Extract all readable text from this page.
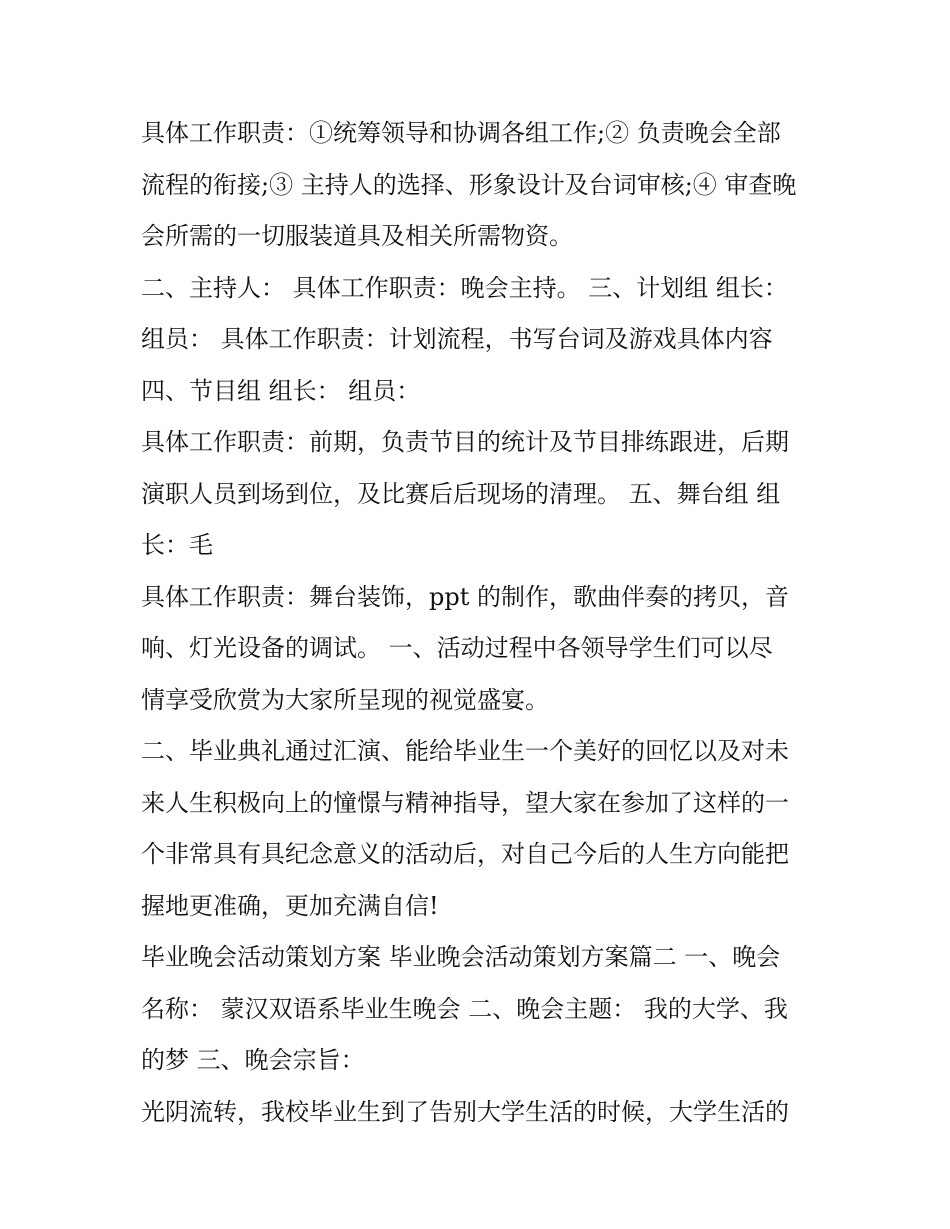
具体工作职责：①统筹领导和协调各组工作;② 负责晚会全部
流程的衔接;③ 主持人的选择、形象设计及台词审核;④ 审查晚
会所需的一切服装道具及相关所需物资。
二、主持人： 具体工作职责：晚会主持。 三、计划组 组长：
组员： 具体工作职责：计划流程，书写台词及游戏具体内容
四、节目组 组长： 组员：
具体工作职责：前期，负责节目的统计及节目排练跟进，后期
演职人员到场到位，及比赛后后现场的清理。 五、舞台组 组
长：毛
具体工作职责：舞台装饰，ppt 的制作，歌曲伴奏的拷贝，音
响、灯光设备的调试。 一、活动过程中各领导学生们可以尽
情享受欣赏为大家所呈现的视觉盛宴。
二、毕业典礼通过汇演、能给毕业生一个美好的回忆以及对未
来人生积极向上的憧憬与精神指导，望大家在参加了这样的一
个非常具有具纪念意义的活动后，对自己今后的人生方向能把
握地更准确，更加充满自信!
毕业晚会活动策划方案 毕业晚会活动策划方案篇二 一、晚会
名称： 蒙汉双语系毕业生晚会 二、晚会主题： 我的大学、我
的梦 三、晚会宗旨：
光阴流转，我校毕业生到了告别大学生活的时候，大学生活的
